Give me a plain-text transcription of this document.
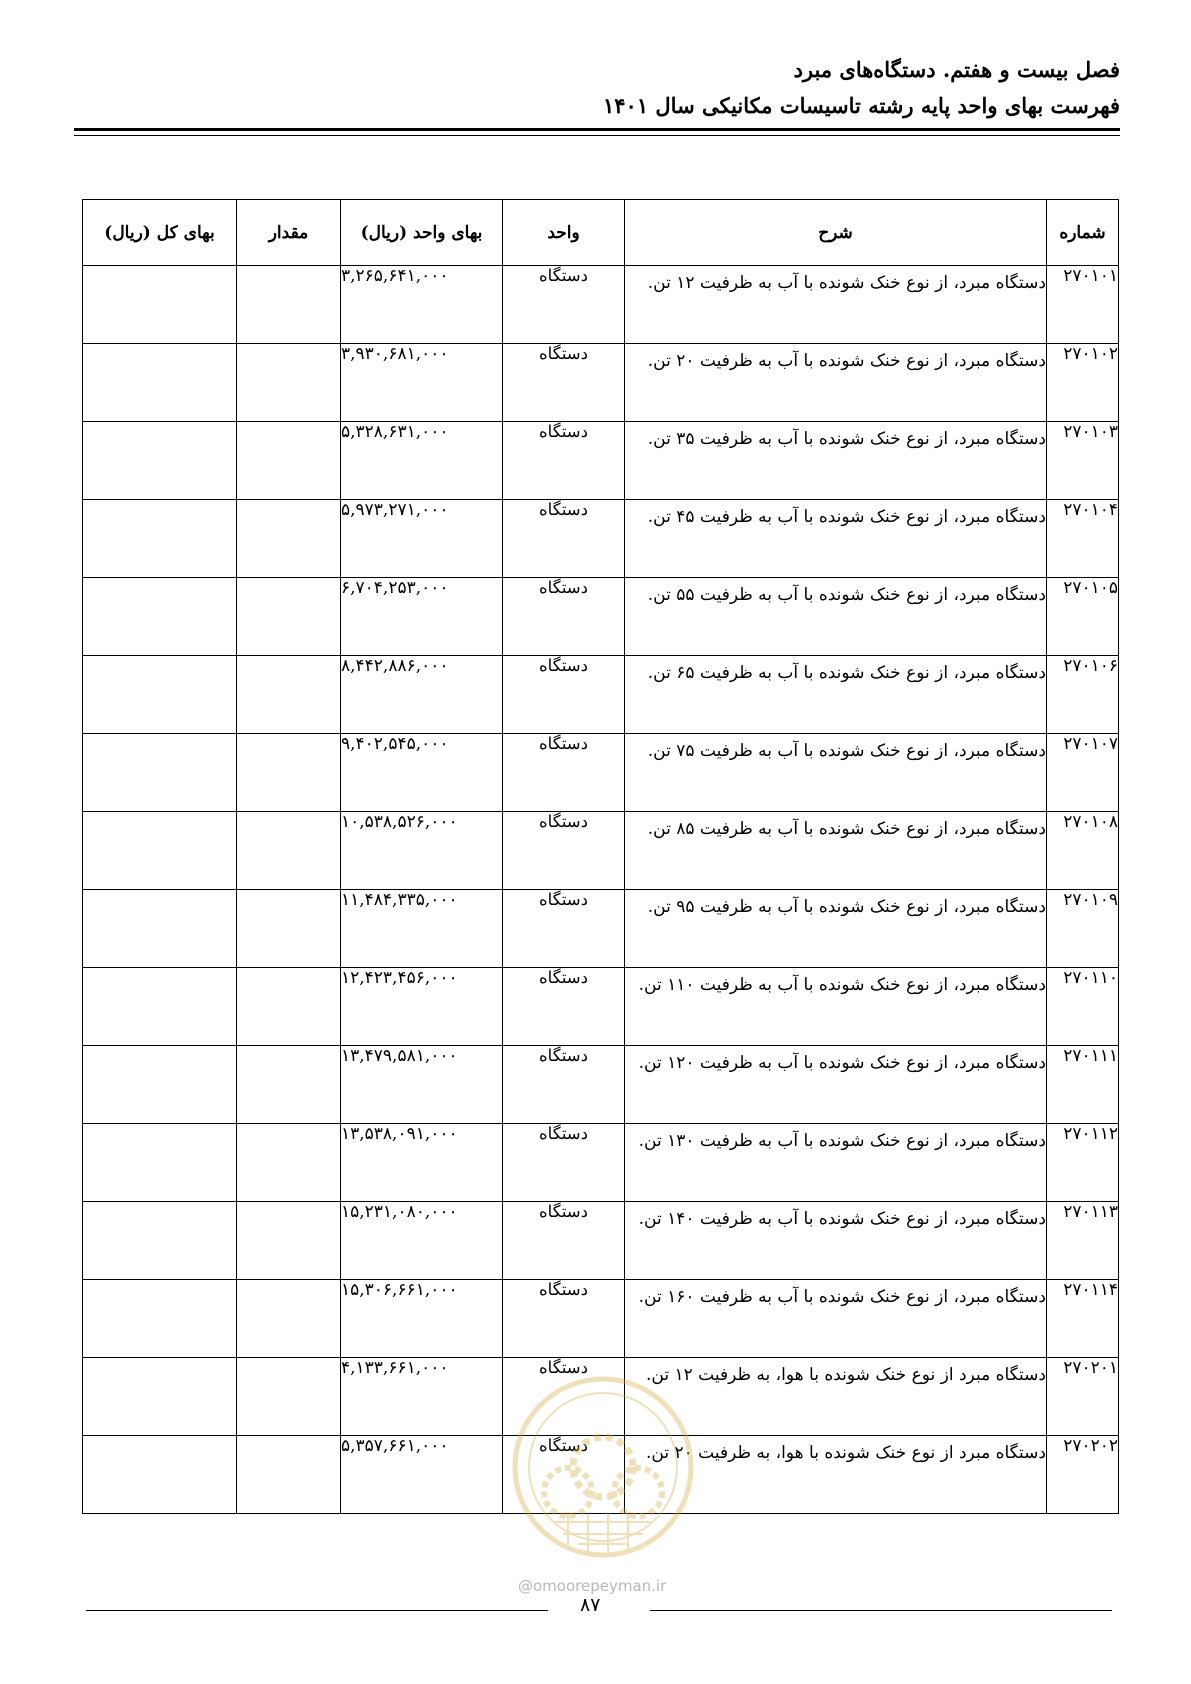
فصل بیست و هفتم. دستگاه‌های مبرد
فهرست بهای واحد پایه رشته تاسیسات مکانیکی سال ۱۴۰۱
شماره	شرح	واحد	بهای واحد (ریال)	مقدار	بهای کل (ریال)
۲۷۰۱۰۱	دستگاه مبرد، از نوع خنک شونده با آب به ظرفیت ۱۲ تن.	دستگاه	۳,۲۶۵,۶۴۱,۰۰۰		
۲۷۰۱۰۲	دستگاه مبرد، از نوع خنک شونده با آب به ظرفیت ۲۰ تن.	دستگاه	۳,۹۳۰,۶۸۱,۰۰۰		
۲۷۰۱۰۳	دستگاه مبرد، از نوع خنک شونده با آب به ظرفیت ۳۵ تن.	دستگاه	۵,۳۲۸,۶۳۱,۰۰۰		
۲۷۰۱۰۴	دستگاه مبرد، از نوع خنک شونده با آب به ظرفیت ۴۵ تن.	دستگاه	۵,۹۷۳,۲۷۱,۰۰۰		
۲۷۰۱۰۵	دستگاه مبرد، از نوع خنک شونده با آب به ظرفیت ۵۵ تن.	دستگاه	۶,۷۰۴,۲۵۳,۰۰۰		
۲۷۰۱۰۶	دستگاه مبرد، از نوع خنک شونده با آب به ظرفیت ۶۵ تن.	دستگاه	۸,۴۴۲,۸۸۶,۰۰۰		
۲۷۰۱۰۷	دستگاه مبرد، از نوع خنک شونده با آب به ظرفیت ۷۵ تن.	دستگاه	۹,۴۰۲,۵۴۵,۰۰۰		
۲۷۰۱۰۸	دستگاه مبرد، از نوع خنک شونده با آب به ظرفیت ۸۵ تن.	دستگاه	۱۰,۵۳۸,۵۲۶,۰۰۰		
۲۷۰۱۰۹	دستگاه مبرد، از نوع خنک شونده با آب به ظرفیت ۹۵ تن.	دستگاه	۱۱,۴۸۴,۳۳۵,۰۰۰		
۲۷۰۱۱۰	دستگاه مبرد، از نوع خنک شونده با آب به ظرفیت ۱۱۰ تن.	دستگاه	۱۲,۴۲۳,۴۵۶,۰۰۰		
۲۷۰۱۱۱	دستگاه مبرد، از نوع خنک شونده با آب به ظرفیت ۱۲۰ تن.	دستگاه	۱۳,۴۷۹,۵۸۱,۰۰۰		
۲۷۰۱۱۲	دستگاه مبرد، از نوع خنک شونده با آب به ظرفیت ۱۳۰ تن.	دستگاه	۱۳,۵۳۸,۰۹۱,۰۰۰		
۲۷۰۱۱۳	دستگاه مبرد، از نوع خنک شونده با آب به ظرفیت ۱۴۰ تن.	دستگاه	۱۵,۲۳۱,۰۸۰,۰۰۰		
۲۷۰۱۱۴	دستگاه مبرد، از نوع خنک شونده با آب به ظرفیت ۱۶۰ تن.	دستگاه	۱۵,۳۰۶,۶۶۱,۰۰۰		
۲۷۰۲۰۱	دستگاه مبرد از نوع خنک شونده با هوا، به ظرفیت ۱۲ تن.	دستگاه	۴,۱۳۳,۶۶۱,۰۰۰		
۲۷۰۲۰۲	دستگاه مبرد از نوع خنک شونده با هوا، به ظرفیت ۲۰ تن.	دستگاه	۵,۳۵۷,۶۶۱,۰۰۰		
@omoorepeyman.ir
۸۷
